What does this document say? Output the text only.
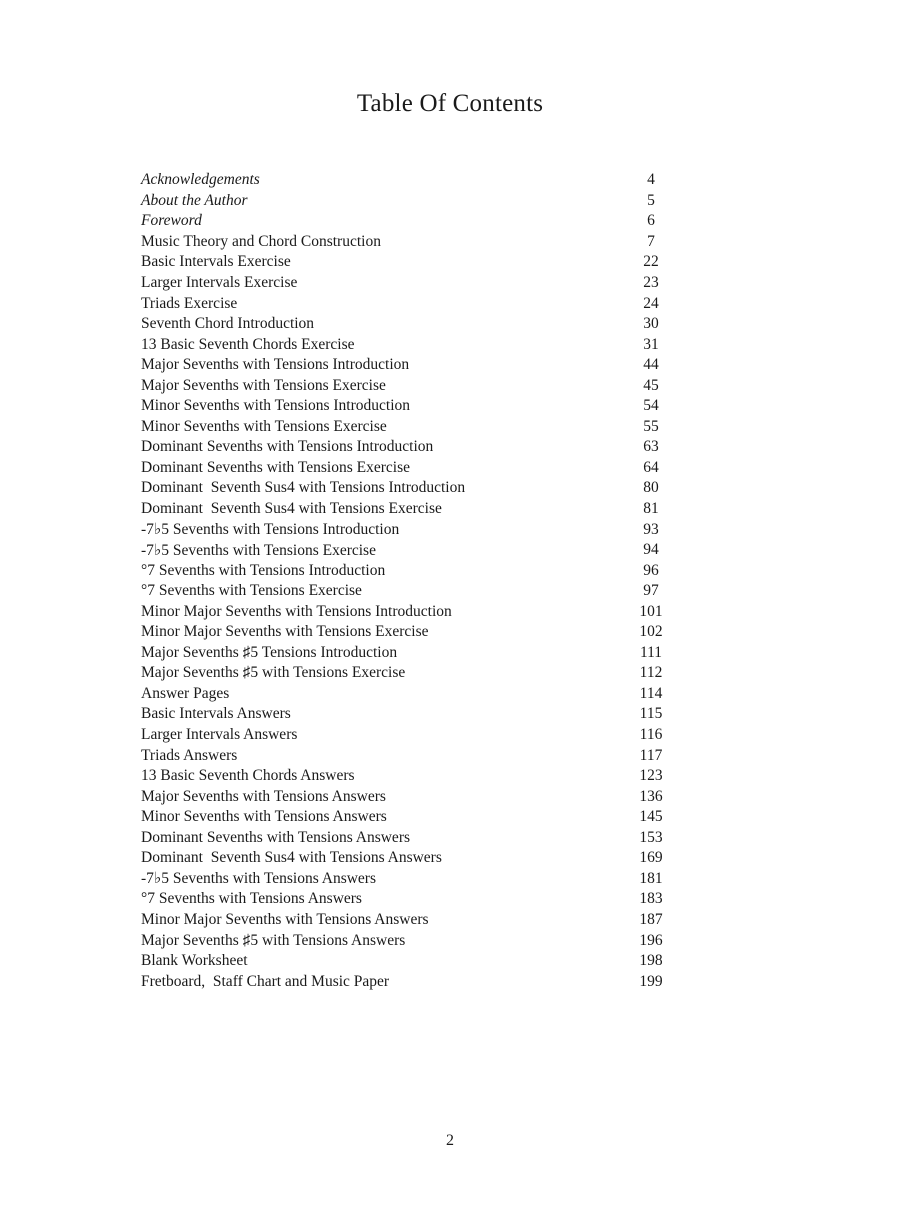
Table Of Contents
Acknowledgements	4
About the Author	5
Foreword	6
Music Theory and Chord Construction	7
Basic Intervals Exercise	22
Larger Intervals Exercise	23
Triads Exercise	24
Seventh Chord Introduction	30
13 Basic Seventh Chords Exercise	31
Major Sevenths with Tensions Introduction	44
Major Sevenths with Tensions Exercise	45
Minor Sevenths with Tensions Introduction	54
Minor Sevenths with Tensions Exercise	55
Dominant Sevenths with Tensions Introduction	63
Dominant Sevenths with Tensions Exercise	64
Dominant  Seventh Sus4 with Tensions Introduction	80
Dominant  Seventh Sus4 with Tensions Exercise	81
-7♭5 Sevenths with Tensions Introduction	93
-7♭5 Sevenths with Tensions Exercise	94
°7 Sevenths with Tensions Introduction	96
°7 Sevenths with Tensions Exercise	97
Minor Major Sevenths with Tensions Introduction	101
Minor Major Sevenths with Tensions Exercise	102
Major Sevenths ♯5 Tensions Introduction	111
Major Sevenths ♯5 with Tensions Exercise	112
Answer Pages	114
Basic Intervals Answers	115
Larger Intervals Answers	116
Triads Answers	117
13 Basic Seventh Chords Answers	123
Major Sevenths with Tensions Answers	136
Minor Sevenths with Tensions Answers	145
Dominant Sevenths with Tensions Answers	153
Dominant  Seventh Sus4 with Tensions Answers	169
-7♭5 Sevenths with Tensions Answers	181
°7 Sevenths with Tensions Answers	183
Minor Major Sevenths with Tensions Answers	187
Major Sevenths ♯5 with Tensions Answers	196
Blank Worksheet	198
Fretboard,  Staff Chart and Music Paper	199
2
